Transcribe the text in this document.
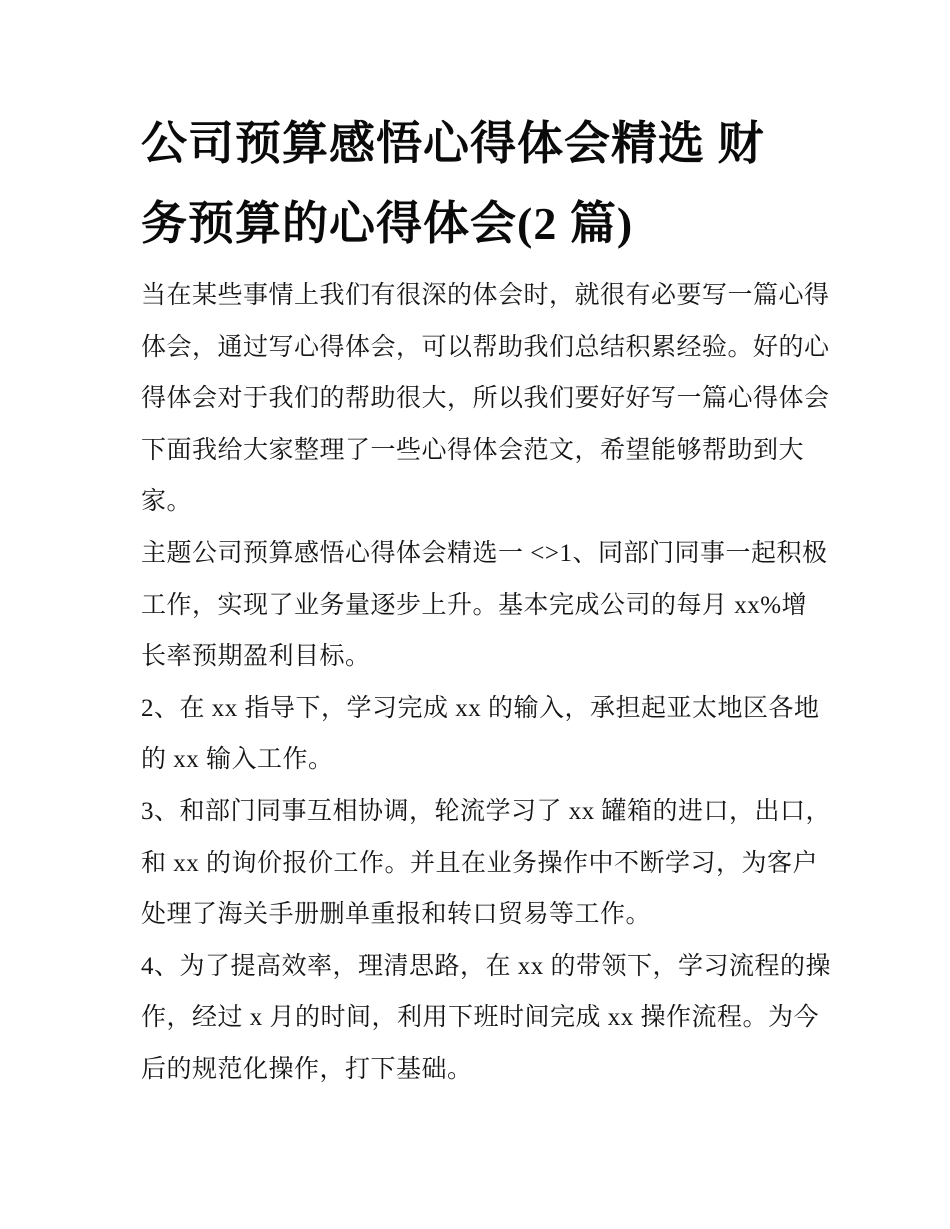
公司预算感悟心得体会精选 财
务预算的心得体会(2 篇)
当在某些事情上我们有很深的体会时，就很有必要写一篇心得
体会，通过写心得体会，可以帮助我们总结积累经验。好的心
得体会对于我们的帮助很大，所以我们要好好写一篇心得体会
下面我给大家整理了一些心得体会范文，希望能够帮助到大
家。
主题公司预算感悟心得体会精选一 <>1、同部门同事一起积极
工作，实现了业务量逐步上升。基本完成公司的每月 xx%增
长率预期盈利目标。
2、在 xx 指导下，学习完成 xx 的输入，承担起亚太地区各地
的 xx 输入工作。
3、和部门同事互相协调，轮流学习了 xx 罐箱的进口，出口，
和 xx 的询价报价工作。并且在业务操作中不断学习，为客户
处理了海关手册删单重报和转口贸易等工作。
4、为了提高效率，理清思路，在 xx 的带领下，学习流程的操
作，经过 x 月的时间，利用下班时间完成 xx 操作流程。为今
后的规范化操作，打下基础。
